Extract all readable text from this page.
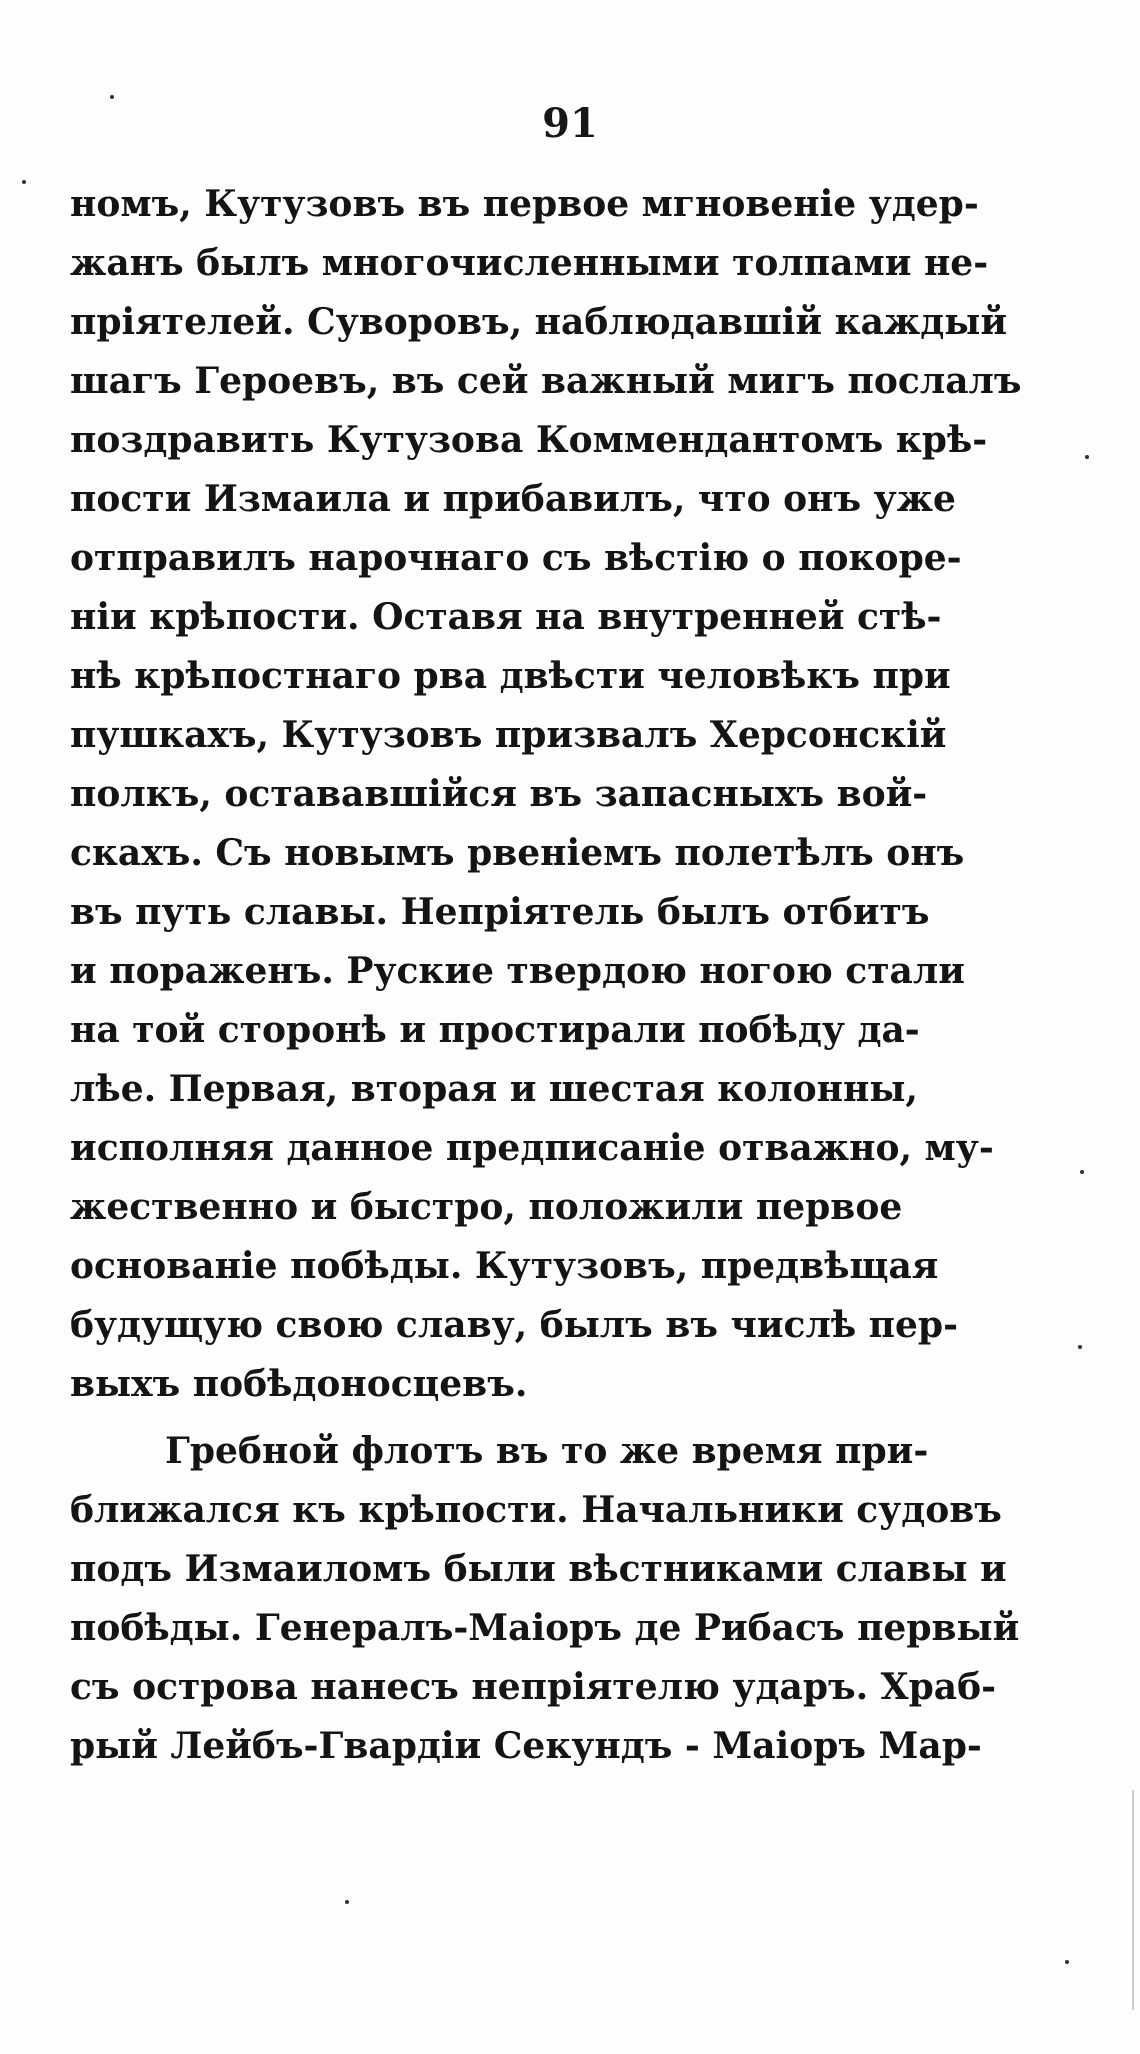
91
номъ, Кутузовъ въ первое мгновеніе удер-
жанъ былъ многочисленными толпами не-
пріятелей. Суворовъ, наблюдавшій каждый
шагъ Героевъ, въ сей важный мигъ послалъ
поздравить Кутузова Коммендантомъ крѣ-
пости Измаила и прибавилъ, что онъ уже
отправилъ нарочнаго съ вѣстію о покоре-
ніи крѣпости. Оставя на внутренней стѣ-
нѣ крѣпостнаго рва двѣсти человѣкъ при
пушкахъ, Кутузовъ призвалъ Херсонскій
полкъ, остававшійся въ запасныхъ вой-
скахъ. Съ новымъ рвеніемъ полетѣлъ онъ
въ путь славы. Непріятель былъ отбитъ
и пораженъ. Руские твердою ногою стали
на той сторонѣ и простирали побѣду да-
лѣе. Первая, вторая и шестая колонны,
исполняя данное предписаніе отважно, му-
жественно и быстро, положили первое
основаніе побѣды. Кутузовъ, предвѣщая
будущую свою славу, былъ въ числѣ пер-
выхъ побѣдоносцевъ.
Гребной флотъ въ то же время при-
ближался къ крѣпости. Начальники судовъ
подъ Измаиломъ были вѣстниками славы и
побѣды. Генералъ-Маіоръ де Рибасъ первый
съ острова нанесъ непріятелю ударъ. Храб-
рый Лейбъ-Гвардіи Секундъ - Маіоръ Мар-
